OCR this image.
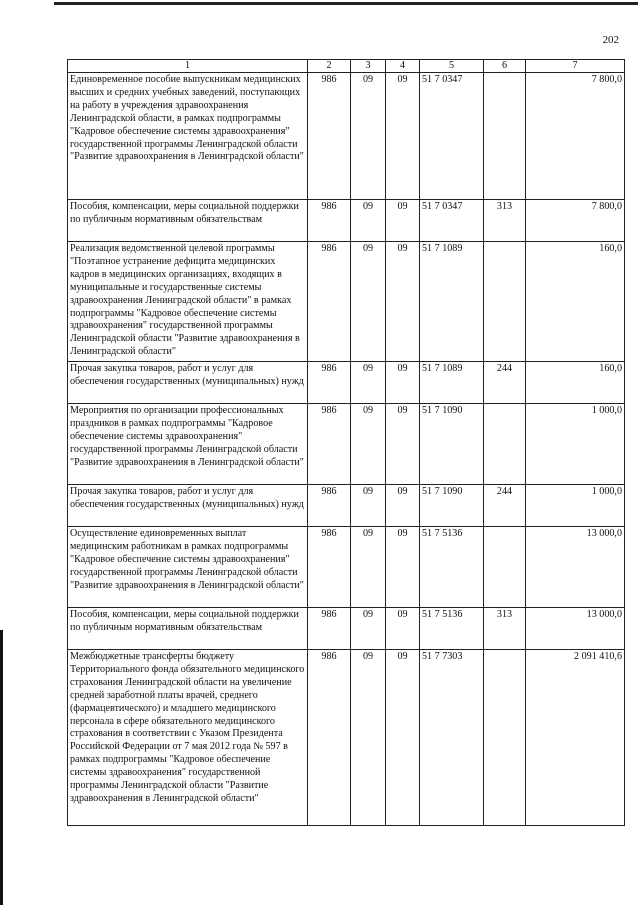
202
1	2	3	4	5	6	7
Единовременное пособие выпускникам медицинских высших и средних учебных заведений, поступающих на работу в учреждения здравоохранения Ленинградской области, в рамках подпрограммы "Кадровое обеспечение системы здравоохранения" государственной программы Ленинградской области "Развитие здравоохранения в Ленинградской области"	986	09	09	51 7 0347		7 800,0
Пособия, компенсации, меры социальной поддержки по публичным нормативным обязательствам	986	09	09	51 7 0347	313	7 800,0
Реализация ведомственной целевой программы "Поэтапное устранение дефицита медицинских кадров в медицинских организациях, входящих в муниципальные и государственные системы здравоохранения Ленинградской области" в рамках подпрограммы "Кадровое обеспечение системы здравоохранения" государственной программы Ленинградской области "Развитие здравоохранения в Ленинградской области"	986	09	09	51 7 1089		160,0
Прочая закупка товаров, работ и услуг для обеспечения государственных (муниципальных) нужд	986	09	09	51 7 1089	244	160,0
Мероприятия по организации профессиональных праздников в рамках подпрограммы "Кадровое обеспечение системы здравоохранения" государственной программы Ленинградской области "Развитие здравоохранения в Ленинградской области"	986	09	09	51 7 1090		1 000,0
Прочая закупка товаров, работ и услуг для обеспечения государственных (муниципальных) нужд	986	09	09	51 7 1090	244	1 000,0
Осуществление единовременных выплат медицинским работникам в рамках подпрограммы "Кадровое обеспечение системы здравоохранения" государственной программы Ленинградской области "Развитие здравоохранения в Ленинградской области"	986	09	09	51 7 5136		13 000,0
Пособия, компенсации, меры социальной поддержки по публичным нормативным обязательствам	986	09	09	51 7 5136	313	13 000,0
Межбюджетные трансферты бюджету Территориального фонда обязательного медицинского страхования Ленинградской области на увеличение средней заработной платы врачей, среднего (фармацевтического) и младшего медицинского персонала в сфере обязательного медицинского страхования в соответствии с Указом Президента Российской Федерации от 7 мая 2012 года № 597 в рамках подпрограммы "Кадровое обеспечение системы здравоохранения" государственной программы Ленинградской области "Развитие здравоохранения в Ленинградской области"	986	09	09	51 7 7303		2 091 410,6
